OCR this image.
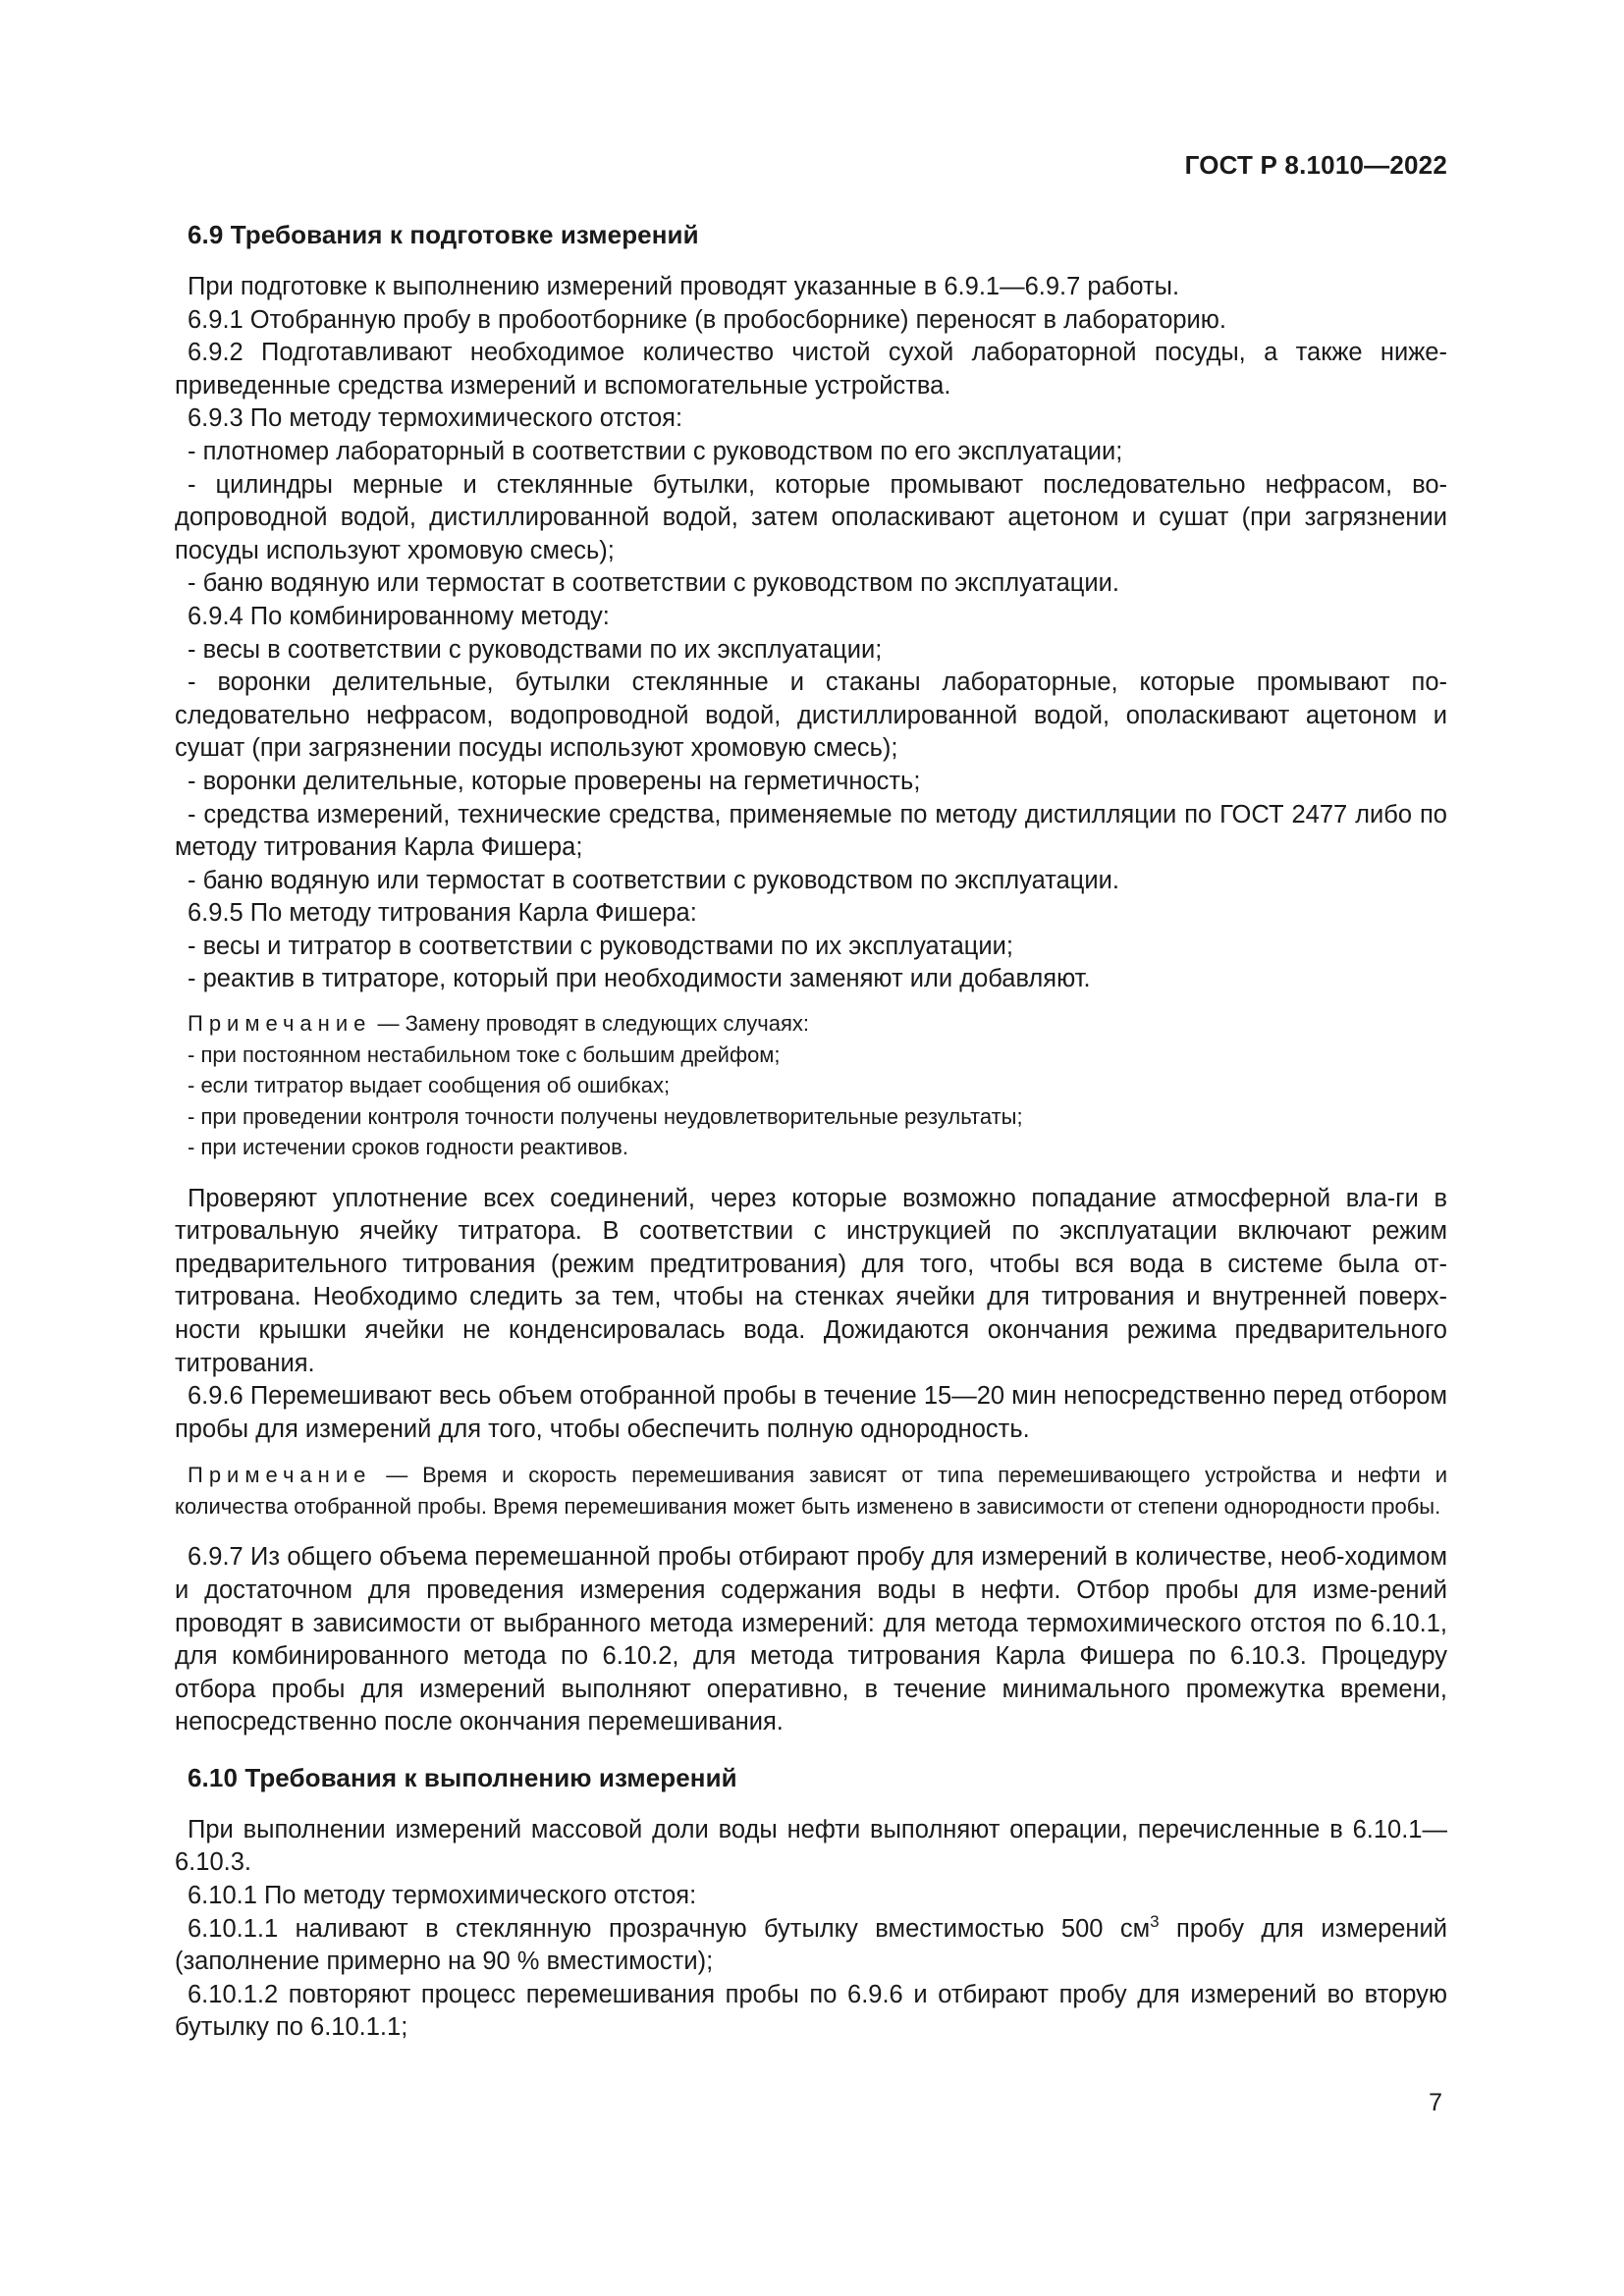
ГОСТ Р 8.1010—2022
6.9 Требования к подготовке измерений

При подготовке к выполнению измерений проводят указанные в 6.9.1—6.9.7 работы.

6.9.1 Отобранную пробу в пробоотборнике (в пробосборнике) переносят в лабораторию.

6.9.2 Подготавливают необходимое количество чистой сухой лабораторной посуды, а также ниже-приведенные средства измерений и вспомогательные устройства.

6.9.3 По методу термохимического отстоя:

- плотномер лабораторный в соответствии с руководством по его эксплуатации;

- цилиндры мерные и стеклянные бутылки, которые промывают последовательно нефрасом, во-допроводной водой, дистиллированной водой, затем ополаскивают ацетоном и сушат (при загрязнении посуды используют хромовую смесь);

- баню водяную или термостат в соответствии с руководством по эксплуатации.

6.9.4 По комбинированному методу:

- весы в соответствии с руководствами по их эксплуатации;

- воронки делительные, бутылки стеклянные и стаканы лабораторные, которые промывают по-следовательно нефрасом, водопроводной водой, дистиллированной водой, ополаскивают ацетоном и сушат (при загрязнении посуды используют хромовую смесь);

- воронки делительные, которые проверены на герметичность;

- средства измерений, технические средства, применяемые по методу дистилляции по ГОСТ 2477 либо по методу титрования Карла Фишера;

- баню водяную или термостат в соответствии с руководством по эксплуатации.

6.9.5 По методу титрования Карла Фишера:

- весы и титратор в соответствии с руководствами по их эксплуатации;

- реактив в титраторе, который при необходимости заменяют или добавляют.

Примечание — Замену проводят в следующих случаях:

- при постоянном нестабильном токе с большим дрейфом;

- если титратор выдает сообщения об ошибках;

- при проведении контроля точности получены неудовлетворительные результаты;

- при истечении сроков годности реактивов.

Проверяют уплотнение всех соединений, через которые возможно попадание атмосферной вла-ги в титровальную ячейку титратора. В соответствии с инструкцией по эксплуатации включают режим предварительного титрования (режим предтитрования) для того, чтобы вся вода в системе была от-титрована. Необходимо следить за тем, чтобы на стенках ячейки для титрования и внутренней поверх-ности крышки ячейки не конденсировалась вода. Дожидаются окончания режима предварительного титрования.

6.9.6 Перемешивают весь объем отобранной пробы в течение 15—20 мин непосредственно перед отбором пробы для измерений для того, чтобы обеспечить полную однородность.

Примечание — Время и скорость перемешивания зависят от типа перемешивающего устройства и нефти и количества отобранной пробы. Время перемешивания может быть изменено в зависимости от степени однородности пробы.

6.9.7 Из общего объема перемешанной пробы отбирают пробу для измерений в количестве, необ-ходимом и достаточном для проведения измерения содержания воды в нефти. Отбор пробы для изме-рений проводят в зависимости от выбранного метода измерений: для метода термохимического отстоя по 6.10.1, для комбинированного метода по 6.10.2, для метода титрования Карла Фишера по 6.10.3. Процедуру отбора пробы для измерений выполняют оперативно, в течение минимального промежутка времени, непосредственно после окончания перемешивания.

6.10 Требования к выполнению измерений

При выполнении измерений массовой доли воды нефти выполняют операции, перечисленные в 6.10.1—6.10.3.

6.10.1 По методу термохимического отстоя:

6.10.1.1 наливают в стеклянную прозрачную бутылку вместимостью 500 $см^3$ пробу для измерений (заполнение примерно на 90 % вместимости);

6.10.1.2 повторяют процесс перемешивания пробы по 6.9.6 и отбирают пробу для измерений во вторую бутылку по 6.10.1.1;

7
